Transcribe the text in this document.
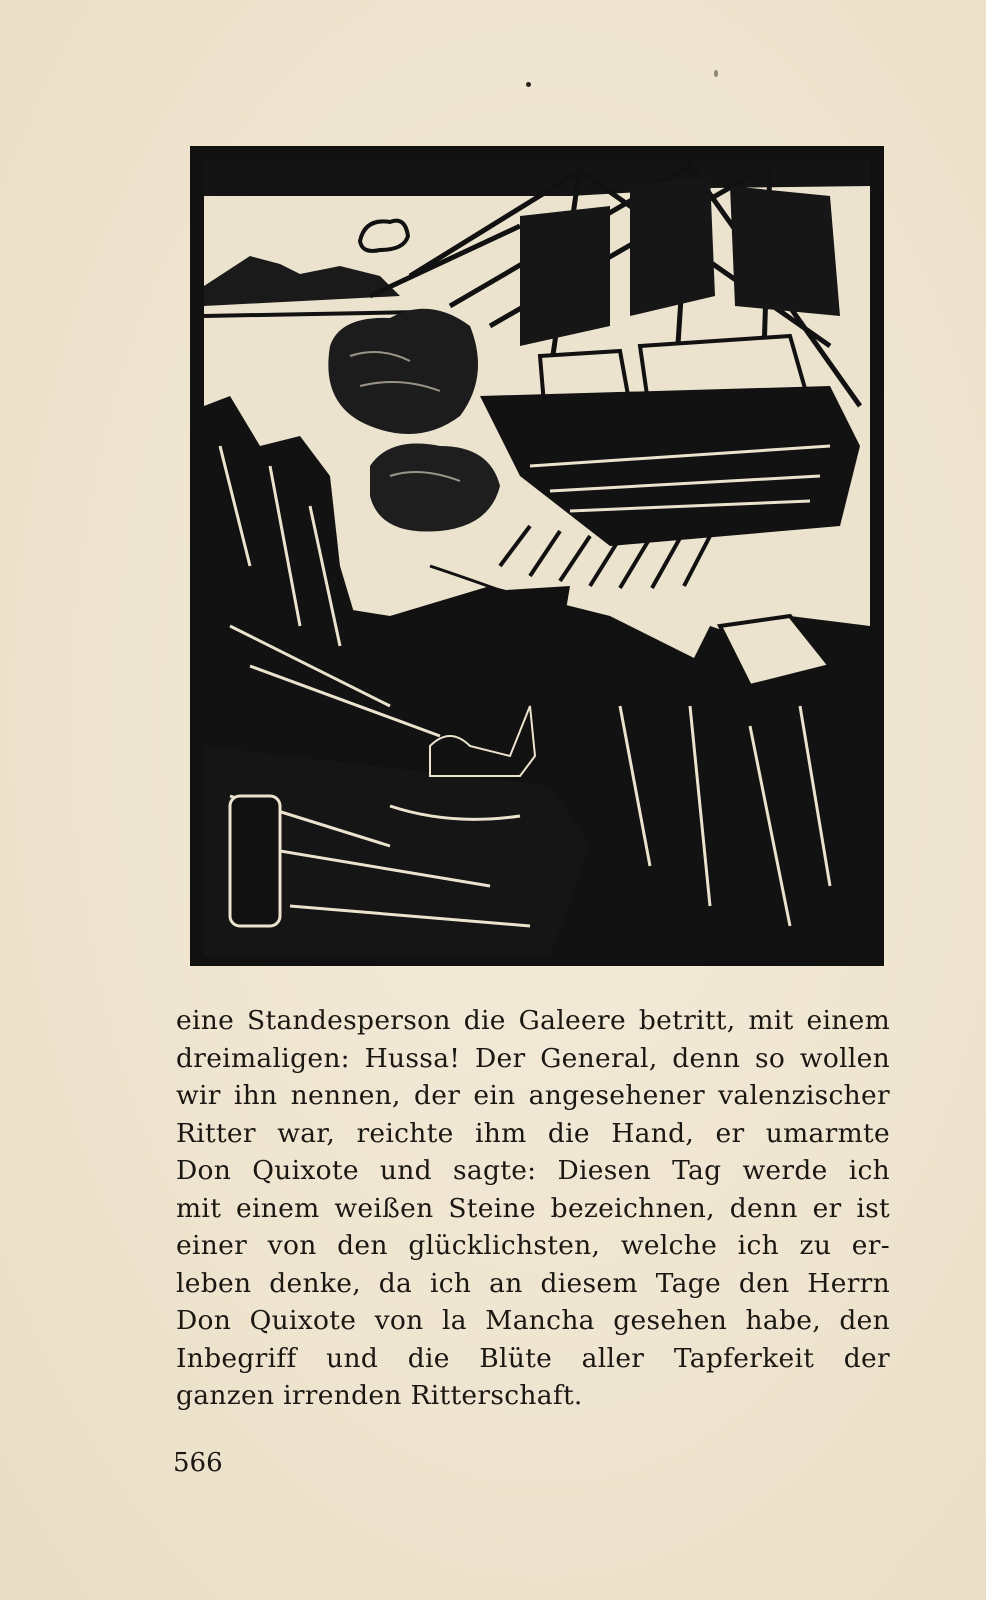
eine Standesperson die Galeere betritt, mit einem
dreimaligen: Hussa! Der General, denn so wollen
wir ihn nennen, der ein angesehener valenzischer
Ritter war, reichte ihm die Hand, er umarmte
Don Quixote und sagte: Diesen Tag werde ich
mit einem weißen Steine bezeichnen, denn er ist
einer von den glücklichsten, welche ich zu er-
leben denke, da ich an diesem Tage den Herrn
Don Quixote von la Mancha gesehen habe, den
Inbegriff und die Blüte aller Tapferkeit der
ganzen irrenden Ritterschaft.
566
